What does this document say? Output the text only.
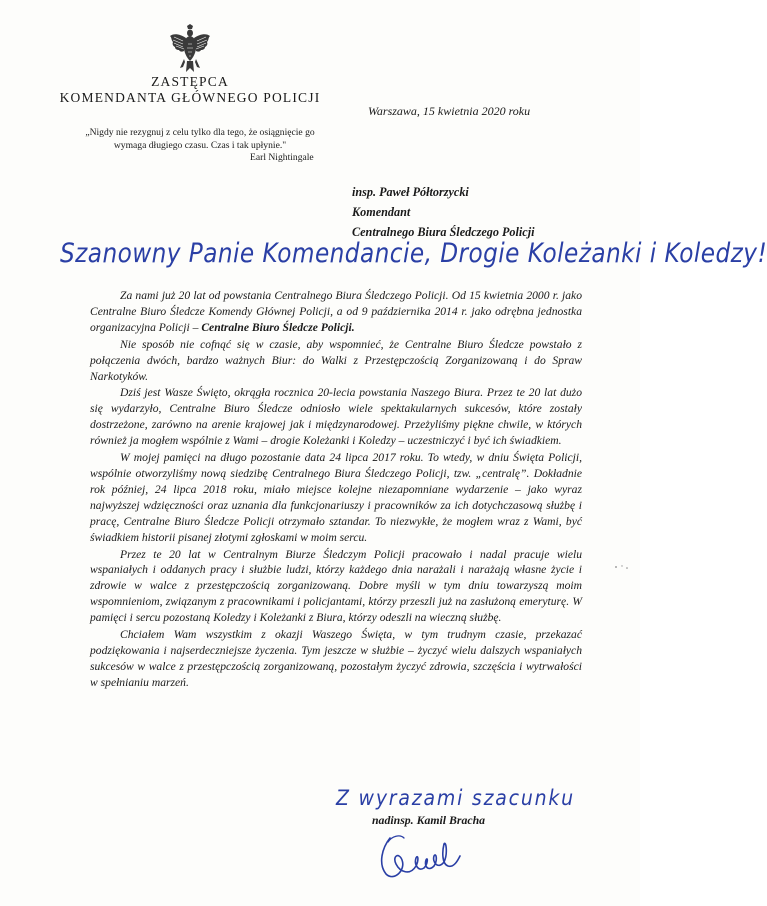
ZASTĘPCA
KOMENDANTA GŁÓWNEGO POLICJI
Warszawa, 15 kwietnia 2020 roku
„Nigdy nie rezygnuj z celu tylko dla tego, że osiągnięcie go
wymaga długiego czasu. Czas i tak upłynie."
Earl Nightingale
insp. Paweł Półtorzycki
Komendant
Centralnego Biura Śledczego Policji
Szanowny Panie Komendancie, Drogie Koleżanki i Koledzy!

Za nami już 20 lat od powstania Centralnego Biura Śledczego Policji. Od 15 kwietnia 2000 r. jako Centralne Biuro Śledcze Komendy Głównej Policji, a od 9 października 2014 r. jako odrębna jednostka organizacyjna Policji – Centralne Biuro Śledcze Policji.

Nie sposób nie cofnąć się w czasie, aby wspomnieć, że Centralne Biuro Śledcze powstało z połączenia dwóch, bardzo ważnych Biur: do Walki z Przestępczością Zorganizowaną i do Spraw Narkotyków.

Dziś jest Wasze Święto, okrągła rocznica 20-lecia powstania Naszego Biura. Przez te 20 lat dużo się wydarzyło, Centralne Biuro Śledcze odniosło wiele spektakularnych sukcesów, które zostały dostrzeżone, zarówno na arenie krajowej jak i międzynarodowej. Przeżyliśmy piękne chwile, w których również ja mogłem wspólnie z Wami – drogie Koleżanki i Koledzy – uczestniczyć i być ich świadkiem.

W mojej pamięci na długo pozostanie data 24 lipca 2017 roku. To wtedy, w dniu Święta Policji, wspólnie otworzyliśmy nową siedzibę Centralnego Biura Śledczego Policji, tzw. „centralę”. Dokładnie rok później, 24 lipca 2018 roku, miało miejsce kolejne niezapomniane wydarzenie – jako wyraz najwyższej wdzięczności oraz uznania dla funkcjonariuszy i pracowników za ich dotychczasową służbę i pracę, Centralne Biuro Śledcze Policji otrzymało sztandar. To niezwykłe, że mogłem wraz z Wami, być świadkiem historii pisanej złotymi zgłoskami w moim sercu.

Przez te 20 lat w Centralnym Biurze Śledczym Policji pracowało i nadal pracuje wielu wspaniałych i oddanych pracy i służbie ludzi, którzy każdego dnia narażali i narażają własne życie i zdrowie w walce z przestępczością zorganizowaną. Dobre myśli w tym dniu towarzyszą moim wspomnieniom, związanym z pracownikami i policjantami, którzy przeszli już na zasłużoną emeryturę. W pamięci i sercu pozostaną Koledzy i Koleżanki z Biura, którzy odeszli na wieczną służbę.

Chciałem Wam wszystkim z okazji Waszego Święta, w tym trudnym czasie, przekazać podziękowania i najserdeczniejsze życzenia. Tym jeszcze w służbie – życzyć wielu dalszych wspaniałych sukcesów w walce z przestępczością zorganizowaną, pozostałym życzyć zdrowia, szczęścia i wytrwałości w spełnianiu marzeń.

Z wyrazami szacunku
nadinsp. Kamil Bracha
